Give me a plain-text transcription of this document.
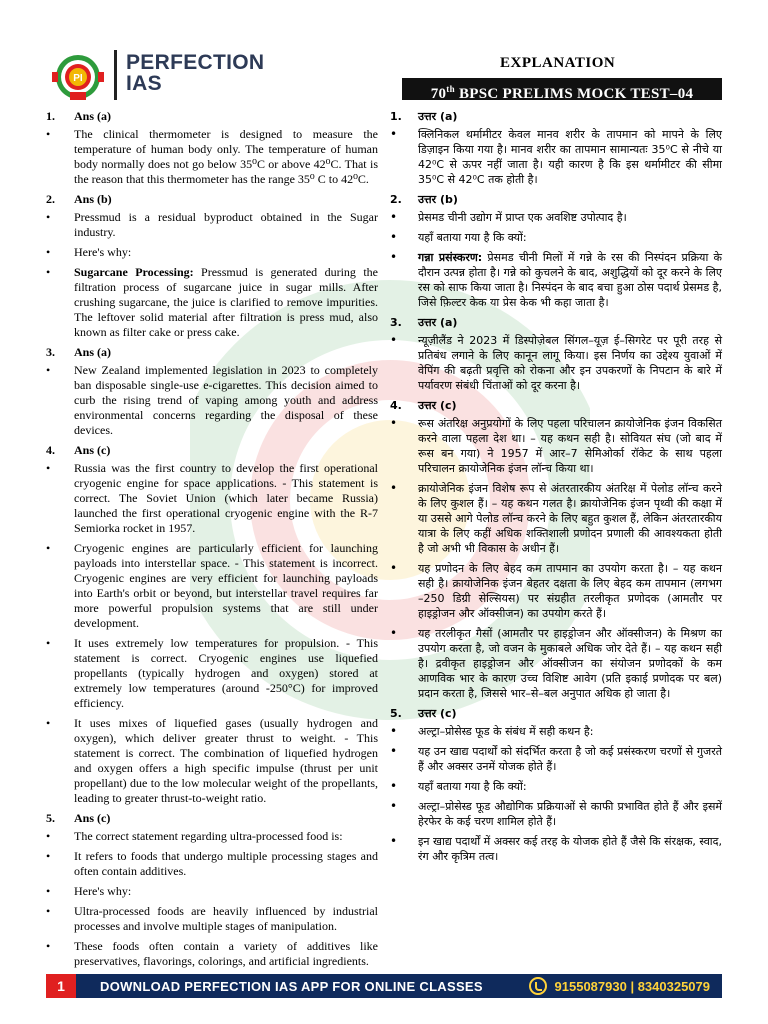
PI
PERFECTION
IAS
EXPLANATION
70th BPSC PRELIMS MOCK TEST–04
1.	Ans (a)
•	The clinical thermometer is designed to measure the temperature of human body only. The temperature of human body normally does not go below 35⁰C or above 42⁰C. That is the reason that this thermometer has the range 35⁰ C to 42⁰C.
2.	Ans (b)
•	Pressmud is a residual byproduct obtained in the Sugar industry.
•	Here's why:
•	Sugarcane Processing: Pressmud is generated during the filtration process of sugarcane juice in sugar mills. After crushing sugarcane, the juice is clarified to remove impurities. The leftover solid material after filtration is press mud, also known as filter cake or press cake.
3.	Ans (a)
•	New Zealand implemented legislation in 2023 to completely ban disposable single-use e-cigarettes. This decision aimed to curb the rising trend of vaping among youth and address environmental concerns regarding the disposal of these devices.
4.	Ans (c)
•	Russia was the first country to develop the first operational cryogenic engine for space applications. - This statement is correct. The Soviet Union (which later became Russia) launched the first operational cryogenic engine with the R-7 Semiorka rocket in 1957.
•	Cryogenic engines are particularly efficient for launching payloads into interstellar space. - This statement is incorrect. Cryogenic engines are very efficient for launching payloads into Earth's orbit or beyond, but interstellar travel requires far more powerful propulsion systems that are still under development.
•	It uses extremely low temperatures for propulsion. - This statement is correct. Cryogenic engines use liquefied propellants (typically hydrogen and oxygen) stored at extremely low temperatures (around -250°C) for improved efficiency.
•	It uses mixes of liquefied gases (usually hydrogen and oxygen), which deliver greater thrust to weight. - This statement is correct. The combination of liquefied hydrogen and oxygen offers a high specific impulse (thrust per unit propellant) due to the low molecular weight of the propellants, leading to greater thrust-to-weight ratio.
5.	Ans (c)
•	The correct statement regarding ultra-processed food is:
•	It refers to foods that undergo multiple processing stages and often contain additives.
•	Here's why:
•	Ultra-processed foods are heavily influenced by industrial processes and involve multiple stages of manipulation.
•	These foods often contain a variety of additives like preservatives, flavorings, colorings, and artificial ingredients.
1.	उत्तर (a)
•	क्लिनिकल थर्मामीटर केवल मानव शरीर के तापमान को मापने के लिए डिज़ाइन किया गया है। मानव शरीर का तापमान सामान्यतः 35⁰C से नीचे या 42⁰C से ऊपर नहीं जाता है। यही कारण है कि इस थर्मामीटर की सीमा 35⁰C से 42⁰C तक होती है।
2.	उत्तर (b)
•	प्रेसमड चीनी उद्योग में प्राप्त एक अवशिष्ट उपोत्पाद है।
•	यहाँ बताया गया है कि क्यों:
•	गन्ना प्रसंस्करण: प्रेसमड चीनी मिलों में गन्ने के रस की निस्पंदन प्रक्रिया के दौरान उत्पन्न होता है। गन्ने को कुचलने के बाद, अशुद्धियों को दूर करने के लिए रस को साफ किया जाता है। निस्पंदन के बाद बचा हुआ ठोस पदार्थ प्रेसमड है, जिसे फ़िल्टर केक या प्रेस केक भी कहा जाता है।
3.	उत्तर (a)
•	न्यूज़ीलैंड ने 2023 में डिस्पोज़ेबल सिंगल–यूज़ ई–सिगरेट पर पूरी तरह से प्रतिबंध लगाने के लिए कानून लागू किया। इस निर्णय का उद्देश्य युवाओं में वेपिंग की बढ़ती प्रवृत्ति को रोकना और इन उपकरणों के निपटान के बारे में पर्यावरण संबंधी चिंताओं को दूर करना है।
4.	उत्तर (c)
•	रूस अंतरिक्ष अनुप्रयोगों के लिए पहला परिचालन क्रायोजेनिक इंजन विकसित करने वाला पहला देश था। – यह कथन सही है। सोवियत संघ (जो बाद में रूस बन गया) ने 1957 में आर–7 सेमिओर्का रॉकेट के साथ पहला परिचालन क्रायोजेनिक इंजन लॉन्च किया था।
•	क्रायोजेनिक इंजन विशेष रूप से अंतरतारकीय अंतरिक्ष में पेलोड लॉन्च करने के लिए कुशल हैं। – यह कथन गलत है। क्रायोजेनिक इंजन पृथ्वी की कक्षा में या उससे आगे पेलोड लॉन्च करने के लिए बहुत कुशल हैं, लेकिन अंतरतारकीय यात्रा के लिए कहीं अधिक शक्तिशाली प्रणोदन प्रणाली की आवश्यकता होती है जो अभी भी विकास के अधीन हैं।
•	यह प्रणोदन के लिए बेहद कम तापमान का उपयोग करता है। – यह कथन सही है। क्रायोजेनिक इंजन बेहतर दक्षता के लिए बेहद कम तापमान (लगभग –250 डिग्री सेल्सियस) पर संग्रहीत तरलीकृत प्रणोदक (आमतौर पर हाइड्रोजन और ऑक्सीजन) का उपयोग करते हैं।
•	यह तरलीकृत गैसों (आमतौर पर हाइड्रोजन और ऑक्सीजन) के मिश्रण का उपयोग करता है, जो वजन के मुकाबले अधिक जोर देते हैं। – यह कथन सही है। द्रवीकृत हाइड्रोजन और ऑक्सीजन का संयोजन प्रणोदकों के कम आणविक भार के कारण उच्च विशिष्ट आवेग (प्रति इकाई प्रणोदक पर बल) प्रदान करता है, जिससे भार–से–बल अनुपात अधिक हो जाता है।
5.	उत्तर (c)
•	अल्ट्रा–प्रोसेस्ड फूड के संबंध में सही कथन है:
•	यह उन खाद्य पदार्थों को संदर्भित करता है जो कई प्रसंस्करण चरणों से गुजरते हैं और अक्सर उनमें योजक होते हैं।
•	यहाँ बताया गया है कि क्यों:
•	अल्ट्रा–प्रोसेस्ड फूड औद्योगिक प्रक्रियाओं से काफी प्रभावित होते हैं और इसमें हेरफेर के कई चरण शामिल होते हैं।
•	इन खाद्य पदार्थों में अक्सर कई तरह के योजक होते हैं जैसे कि संरक्षक, स्वाद, रंग और कृत्रिम तत्व।
1	DOWNLOAD PERFECTION IAS APP FOR ONLINE CLASSES	9155087930 | 8340325079
